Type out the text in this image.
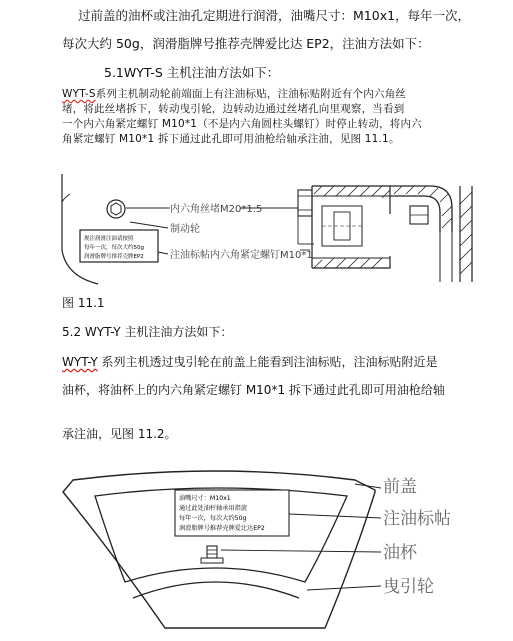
过前盖的油杯或注油孔定期进行润滑，油嘴尺寸：M10x1，每年一次，
每次大约 50g，润滑脂牌号推荐壳牌爱比达 EP2，注油方法如下：
5.1WYT-S 主机注油方法如下：
WYT-S系列主机制动轮前端面上有注油标贴，注油标贴附近有个内六角丝
堵，将此丝堵拆下，转动曳引轮，边转动边通过丝堵孔向里观察，当看到
一个内六角紧定螺钉 M10*1（不是内六角圆柱头螺钉）时停止转动，将内六
角紧定螺钉 M10*1 拆下通过此孔即可用油枪给轴承注油，见图 11.1。
规注润滑注油请按照
每年一次，每次大约50g
润滑脂牌号推荐壳牌EP2
内六角丝堵M20*1.5
制动轮
注油标帖 内六角紧定螺钉M10*1
图 11.1
5.2 WYT-Y 主机注油方法如下：
WYT-Y 系列主机透过曳引轮在前盖上能看到注油标贴，注油标贴附近是
油杯，将油杯上的内六角紧定螺钉 M10*1 拆下通过此孔即可用油枪给轴
承注油，见图 11.2。
油嘴尺寸：M10x1
通过此处油杆轴承用指旋
每年一次，每次大约50g
润滑脂牌号推荐壳牌爱比达EP2
前盖
注油标帖
油杯
曳引轮
